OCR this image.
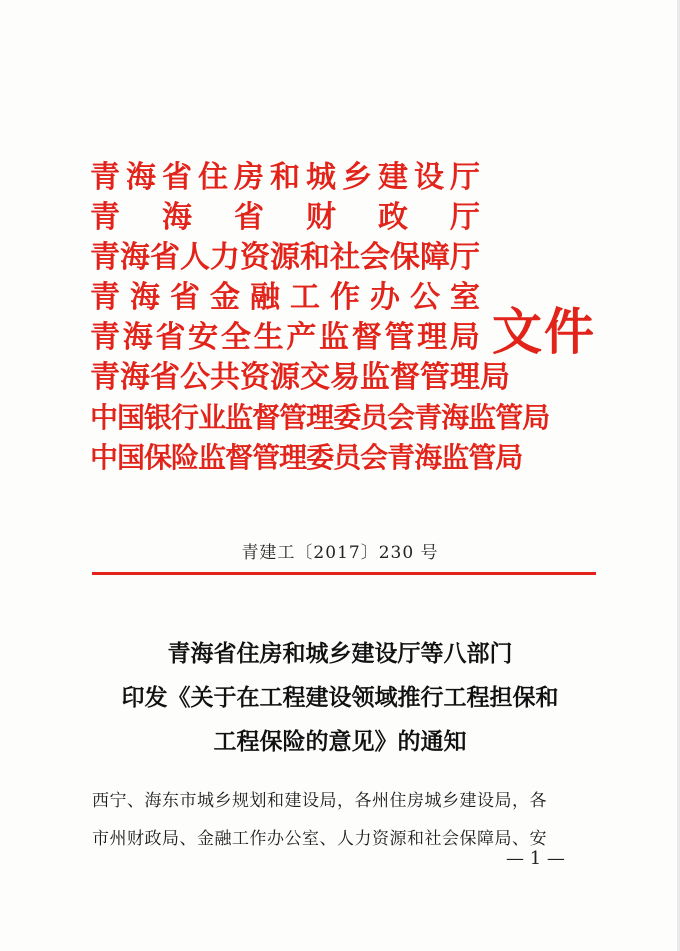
青 海 省 住 房 和 城 乡 建 设 厅
青 海 省 财 政 厅
青 海 省 人 力 资 源 和 社 会 保 障 厅
青 海 省 金 融 工 作 办 公 室
青 海 省 安 全 生 产 监 督 管 理 局
青 海 省 公 共 资 源 交 易 监 督 管 理 局
中 国 银 行 业 监 督 管 理 委 员 会 青 海 监 管 局
中 国 保 险 监 督 管 理 委 员 会 青 海 监 管 局
文件
青建工〔2017〕230 号
青海省住房和城乡建设厅等八部门
印发《关于在工程建设领域推行工程担保和
工程保险的意见》的通知
西宁、海东市城乡规划和建设局，各州住房城乡建设局，各
市州财政局、金融工作办公室、人力资源和社会保障局、安
— 1 —
